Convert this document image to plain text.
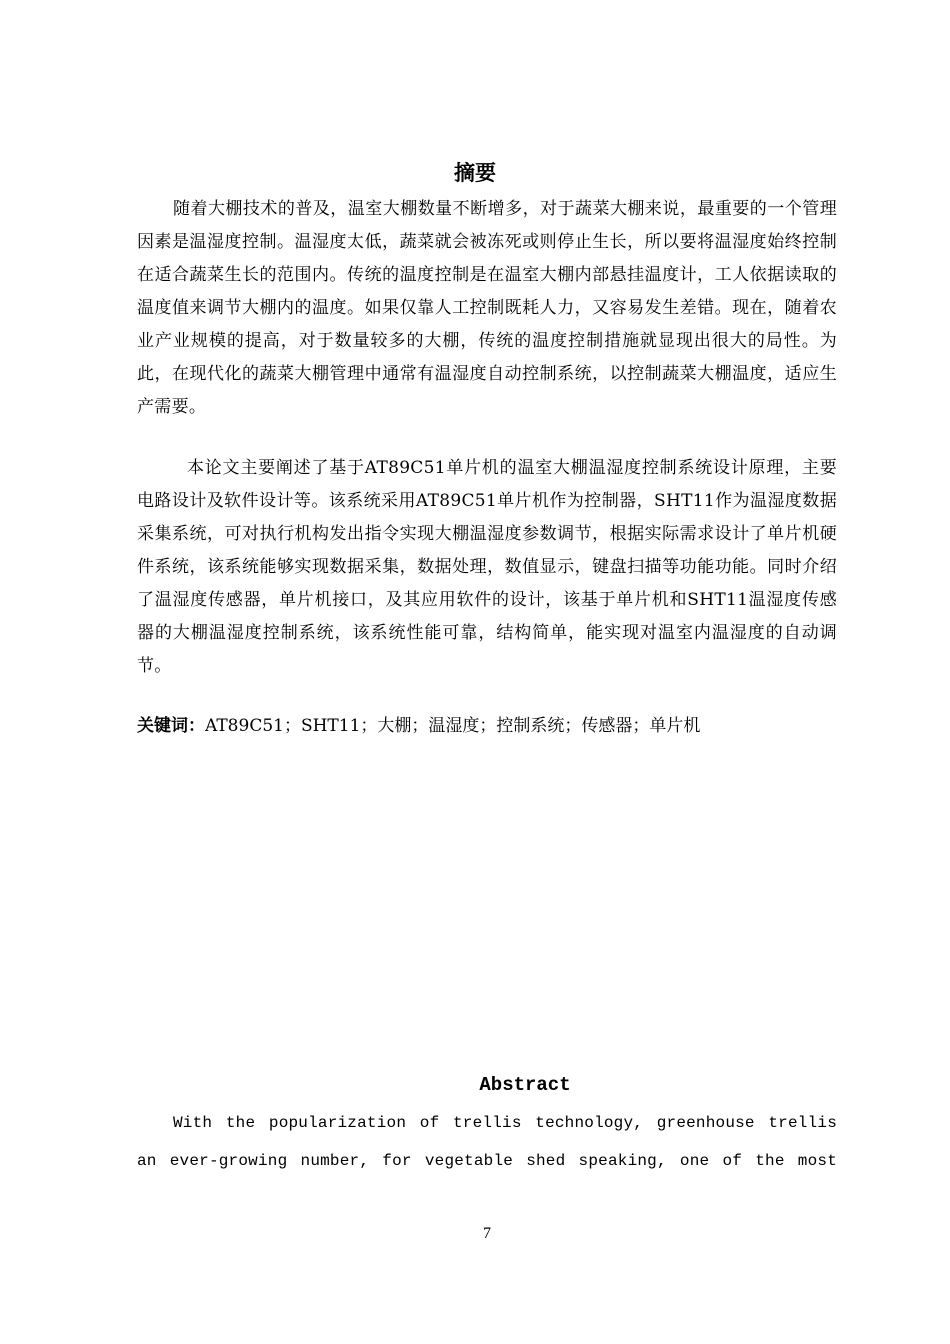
摘要

随着大棚技术的普及，温室大棚数量不断增多，对于蔬菜大棚来说，最重要的一个管理因素是温湿度控制。温湿度太低，蔬菜就会被冻死或则停止生长，所以要将温湿度始终控制在适合蔬菜生长的范围内。传统的温度控制是在温室大棚内部悬挂温度计，工人依据读取的温度值来调节大棚内的温度。如果仅靠人工控制既耗人力，又容易发生差错。现在，随着农业产业规模的提高，对于数量较多的大棚，传统的温度控制措施就显现出很大的局性。为此，在现代化的蔬菜大棚管理中通常有温湿度自动控制系统，以控制蔬菜大棚温度，适应生产需要。

本论文主要阐述了基于AT89C51单片机的温室大棚温湿度控制系统设计原理，主要电路设计及软件设计等。该系统采用AT89C51单片机作为控制器，SHT11作为温湿度数据采集系统，可对执行机构发出指令实现大棚温湿度参数调节，根据实际需求设计了单片机硬件系统，该系统能够实现数据采集，数据处理，数值显示，键盘扫描等功能功能。同时介绍了温湿度传感器，单片机接口，及其应用软件的设计，该基于单片机和SHT11温湿度传感器的大棚温湿度控制系统，该系统性能可靠，结构简单，能实现对温室内温湿度的自动调节。

关键词：AT89C51；SHT11；大棚；温湿度；控制系统；传感器；单片机
Abstract

With the popularization of trellis technology, greenhouse trellis an ever-growing number, for vegetable shed speaking, one of the most

7
